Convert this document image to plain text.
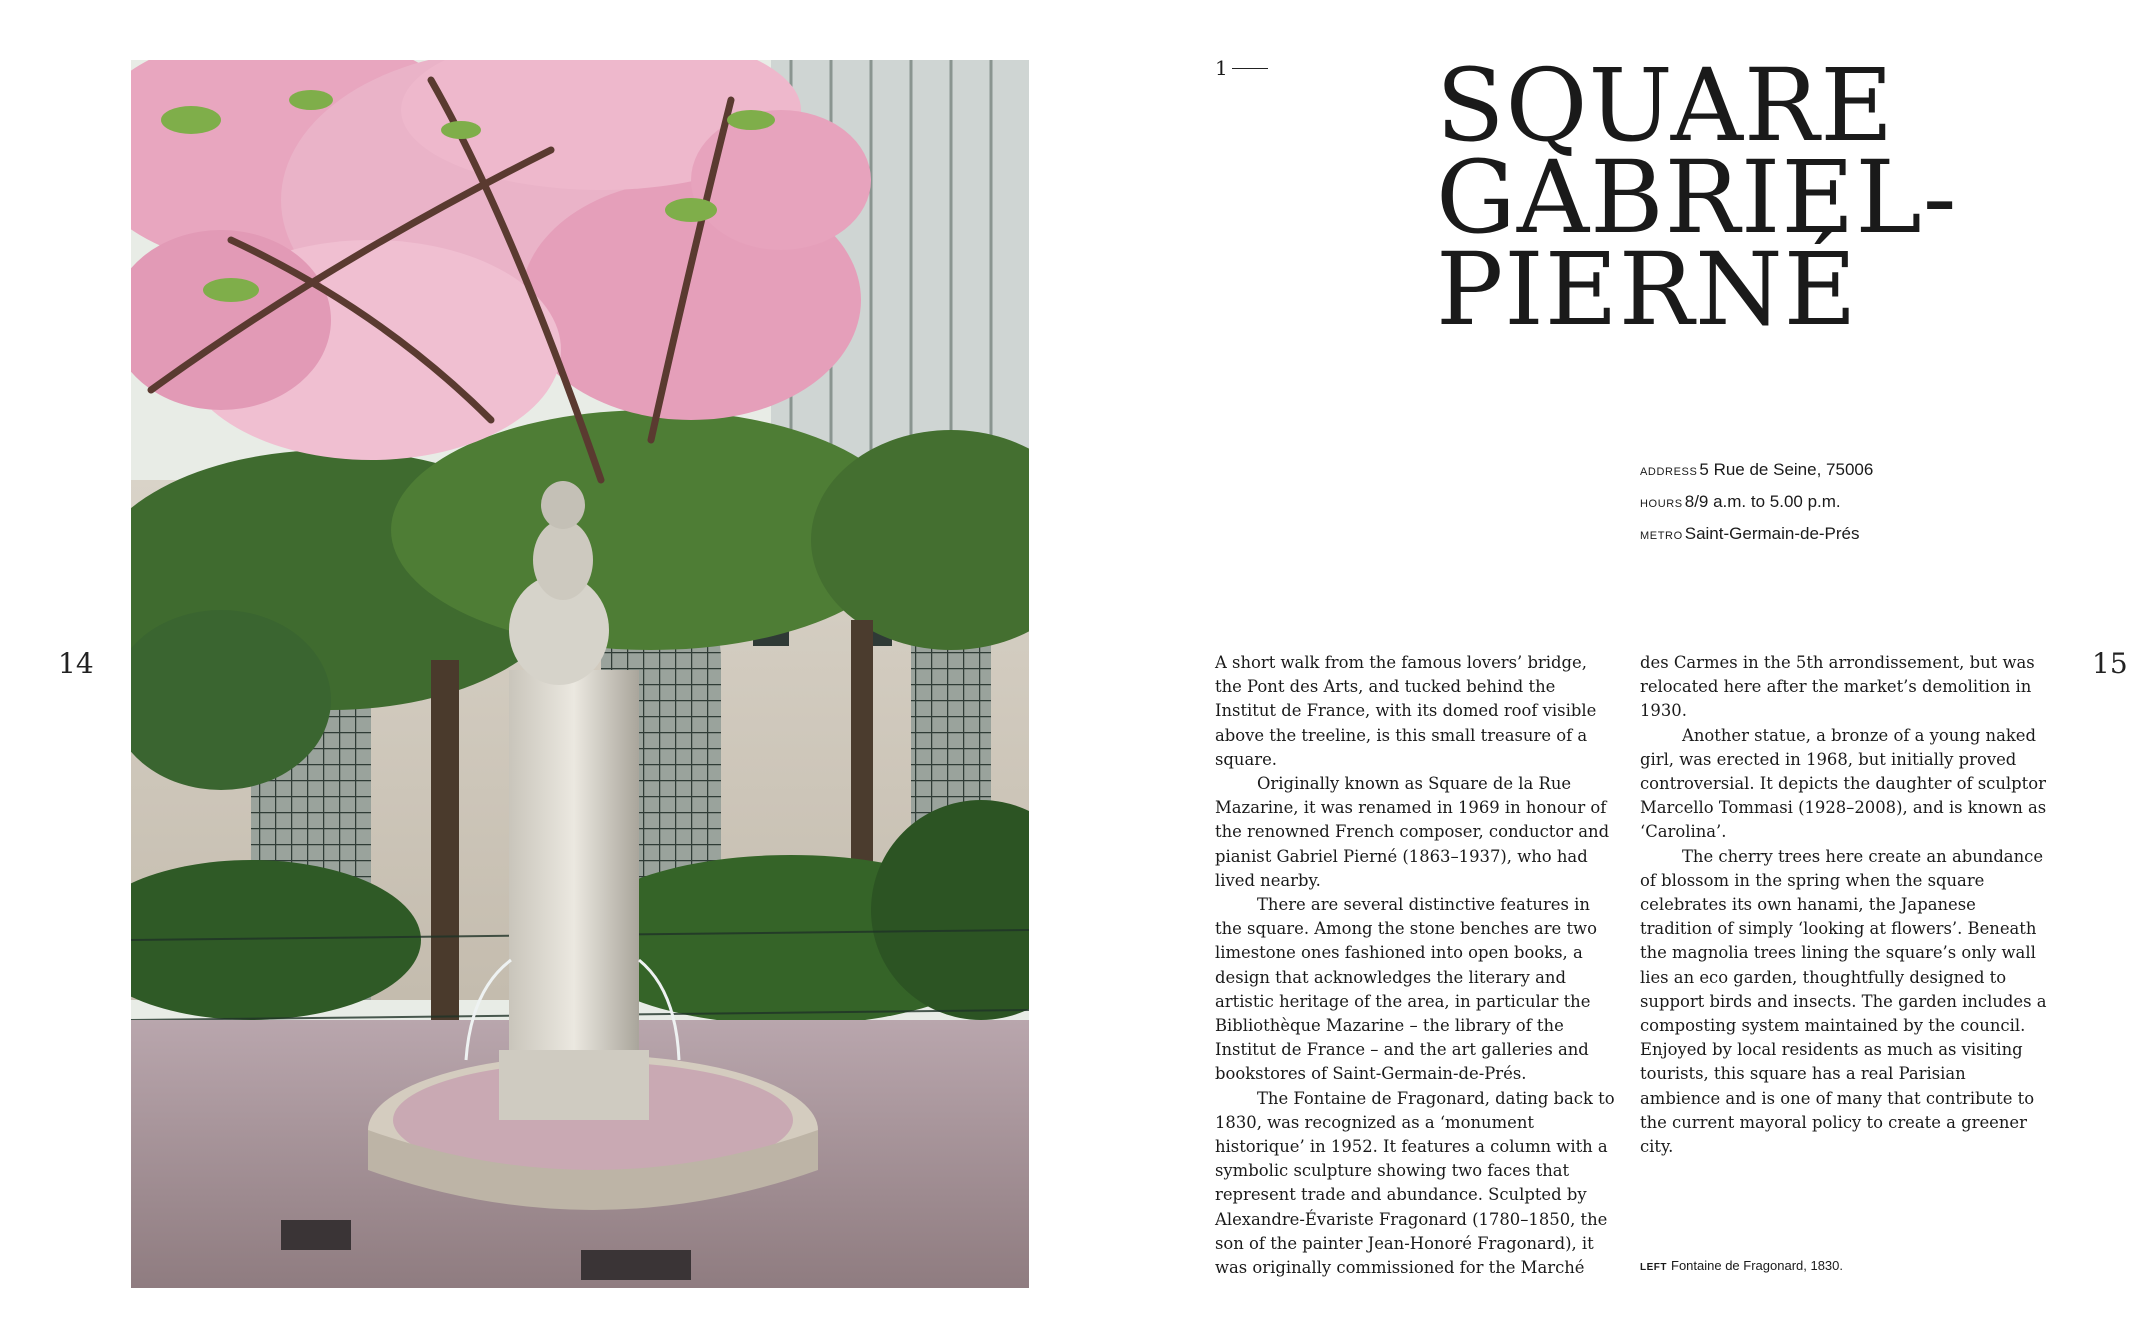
14	15
1 SQUARE
GABRIEL-
PIERNÉ
ADDRESS 5 Rue de Seine, 75006
HOURS 8/9 a.m. to 5.00 p.m.
METRO Saint-Germain-de-Prés

A short walk from the famous lovers’ bridge, the Pont des Arts, and tucked behind the Institut de France, with its domed roof visible above the treeline, is this small treasure of a square.

Originally known as Square de la Rue Mazarine, it was renamed in 1969 in honour of the renowned French composer, conductor and pianist Gabriel Pierné (1863–1937), who had lived nearby.

There are several distinctive features in the square. Among the stone benches are two limestone ones fashioned into open books, a design that acknowledges the literary and artistic heritage of the area, in particular the Bibliothèque Mazarine – the library of the Institut de France – and the art galleries and bookstores of Saint-Germain-de-Prés.

The Fontaine de Fragonard, dating back to 1830, was recognized as a ‘monument historique’ in 1952. It features a column with a symbolic sculpture showing two faces that represent trade and abundance. Sculpted by Alexandre-Évariste Fragonard (1780–1850, the son of the painter Jean-Honoré Fragonard), it was originally commissioned for the Marché

des Carmes in the 5th arrondissement, but was relocated here after the market’s demolition in 1930.

Another statue, a bronze of a young naked girl, was erected in 1968, but initially proved controversial. It depicts the daughter of sculptor Marcello Tommasi (1928–2008), and is known as ‘Carolina’.

The cherry trees here create an abundance of blossom in the spring when the square celebrates its own hanami, the Japanese tradition of simply ‘looking at flowers’. Beneath the magnolia trees lining the square’s only wall lies an eco garden, thoughtfully designed to support birds and insects. The garden includes a composting system maintained by the council. Enjoyed by local residents as much as visiting tourists, this square has a real Parisian ambience and is one of many that contribute to the current mayoral policy to create a greener city.

LEFT Fontaine de Fragonard, 1830.
